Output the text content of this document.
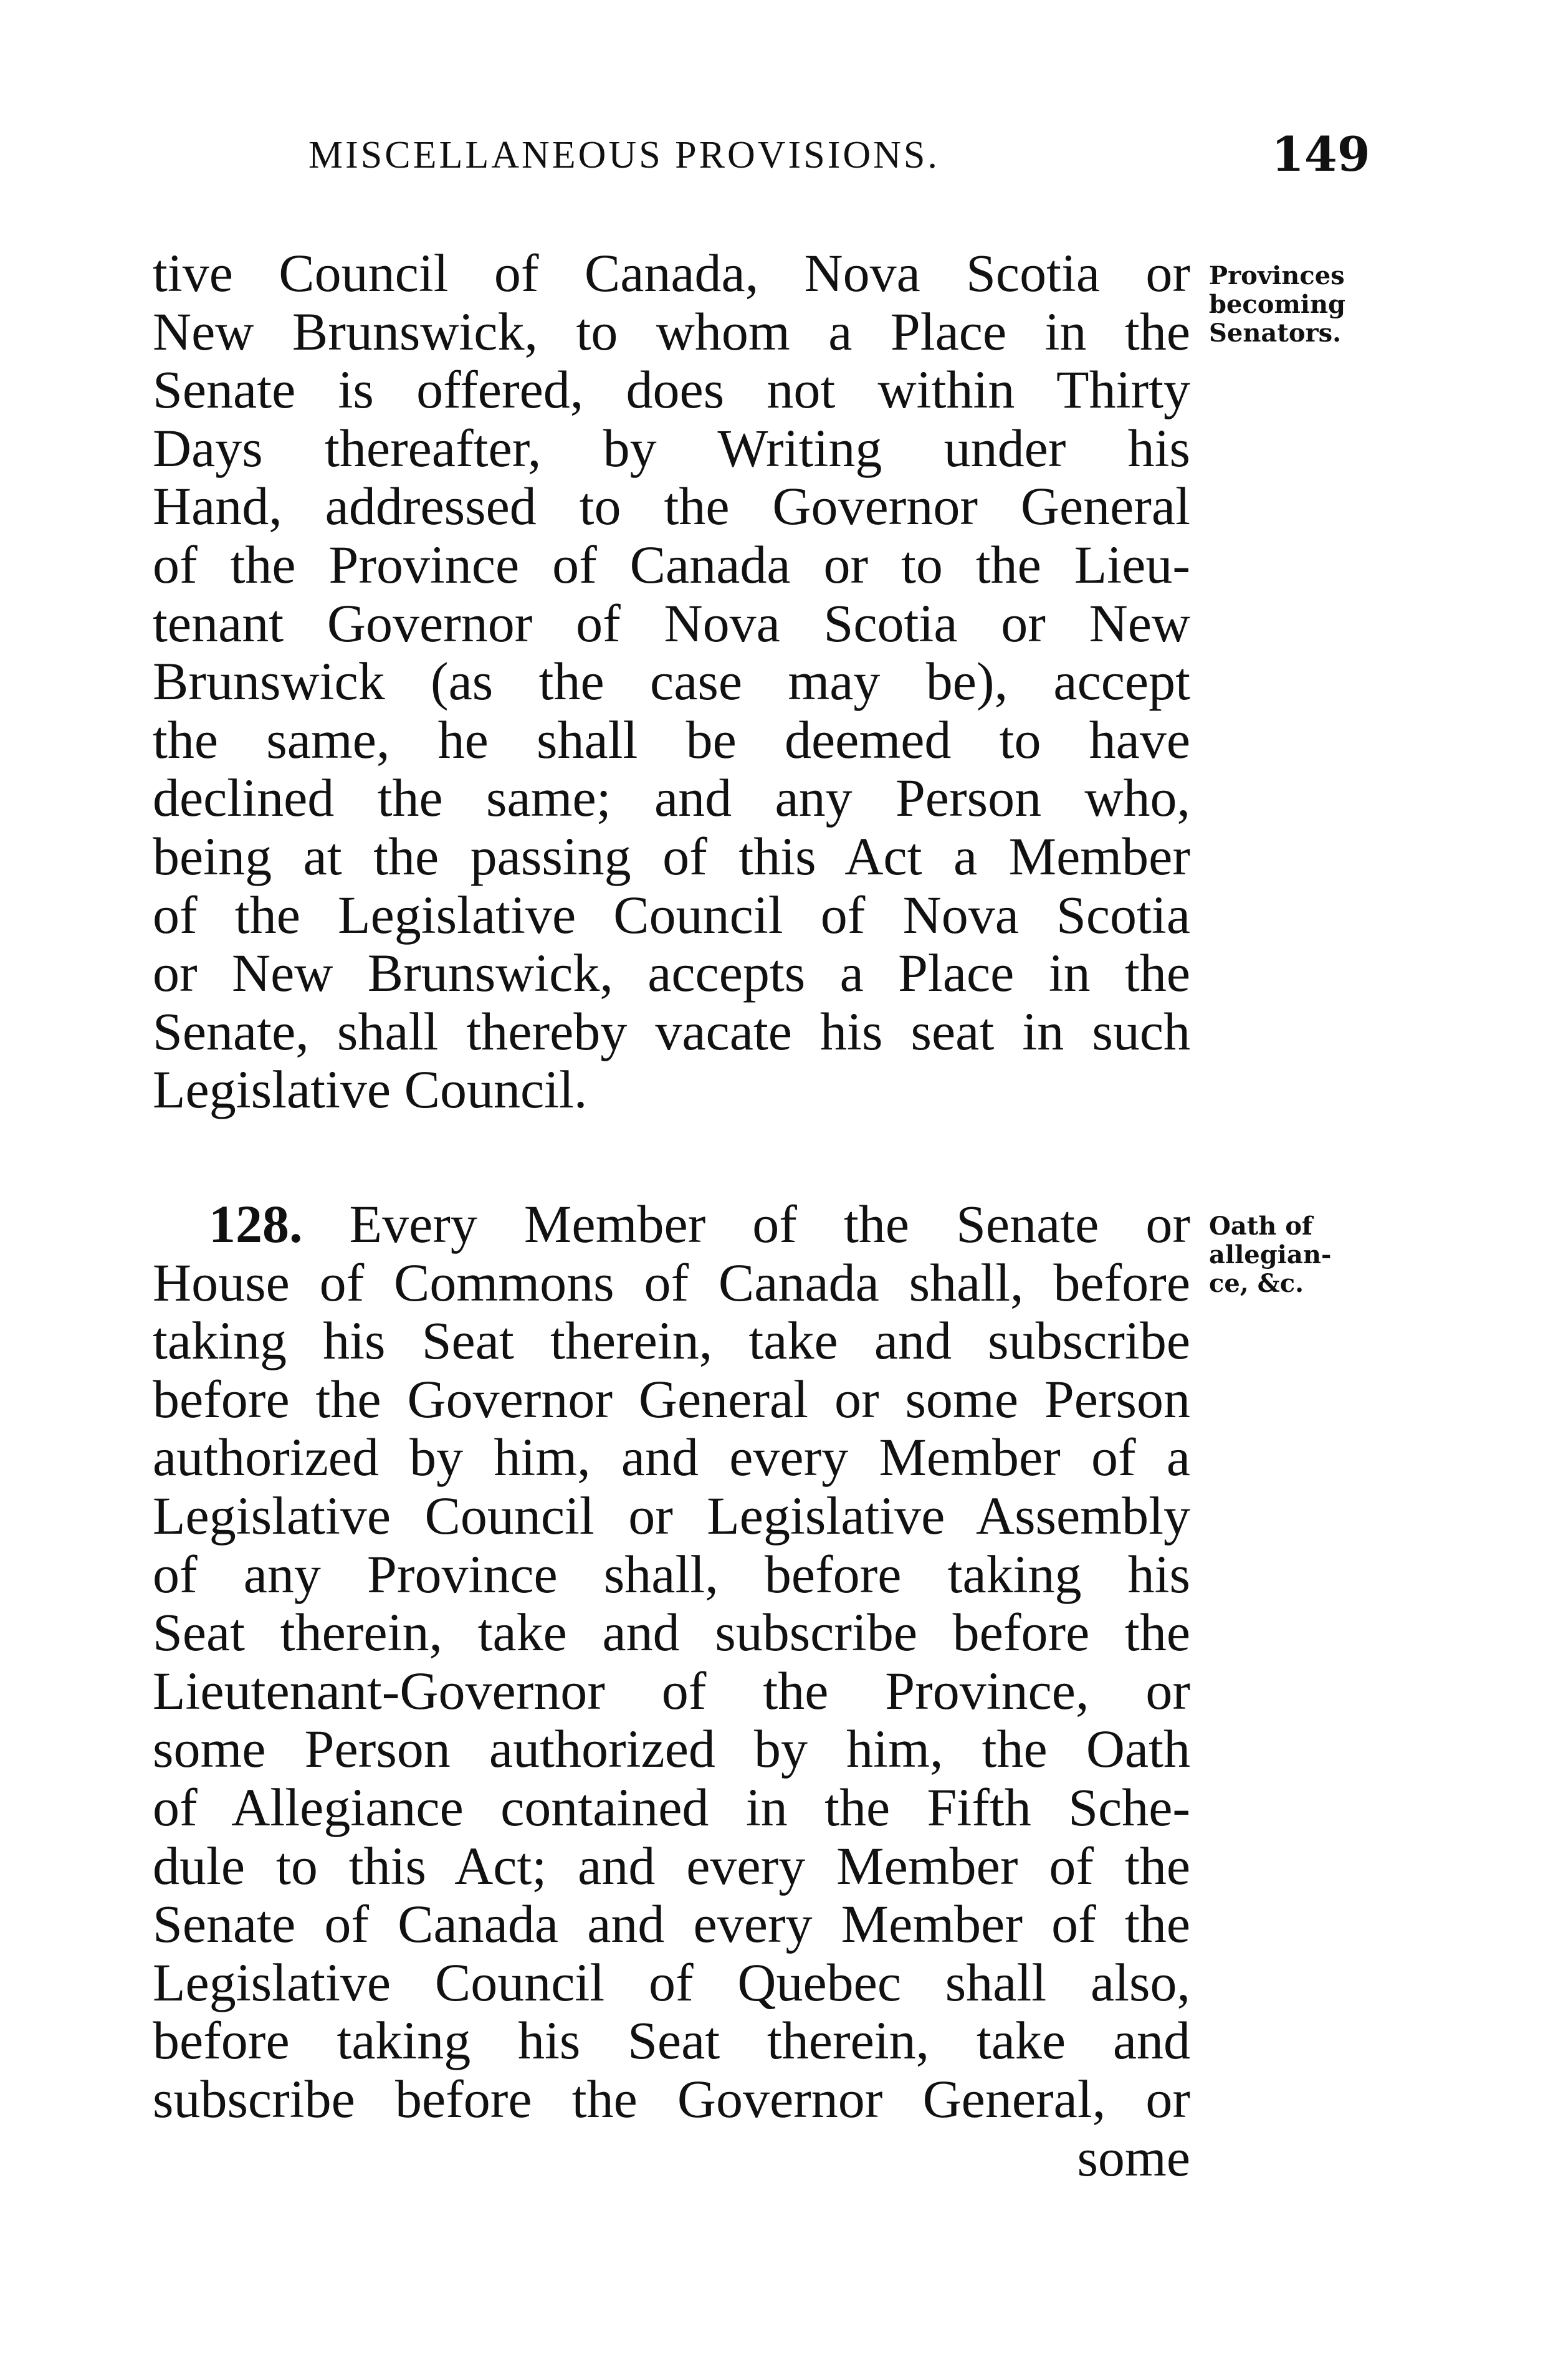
MISCELLANEOUS PROVISIONS.	149
tive Council of Canada, Nova Scotia or
New Brunswick, to whom a Place in the
Senate is offered, does not within Thirty
Days thereafter, by Writing under his
Hand, addressed to the Governor General
of the Province of Canada or to the Lieu-
tenant Governor of Nova Scotia or New
Brunswick (as the case may be), accept
the same, he shall be deemed to have
declined the same; and any Person who,
being at the passing of this Act a Member
of the Legislative Council of Nova Scotia
or New Brunswick, accepts a Place in the
Senate, shall thereby vacate his seat in such
Legislative Council.
Provinces
becoming
Senators.
128. Every Member of the Senate or
House of Commons of Canada shall, before
taking his Seat therein, take and subscribe
before the Governor General or some Person
authorized by him, and every Member of a
Legislative Council or Legislative Assembly
of any Province shall, before taking his
Seat therein, take and subscribe before the
Lieutenant-Governor of the Province, or
some Person authorized by him, the Oath
of Allegiance contained in the Fifth Sche-
dule to this Act; and every Member of the
Senate of Canada and every Member of the
Legislative Council of Quebec shall also,
before taking his Seat therein, take and
subscribe before the Governor General, or
some
Oath of
allegian-
ce, &c.
